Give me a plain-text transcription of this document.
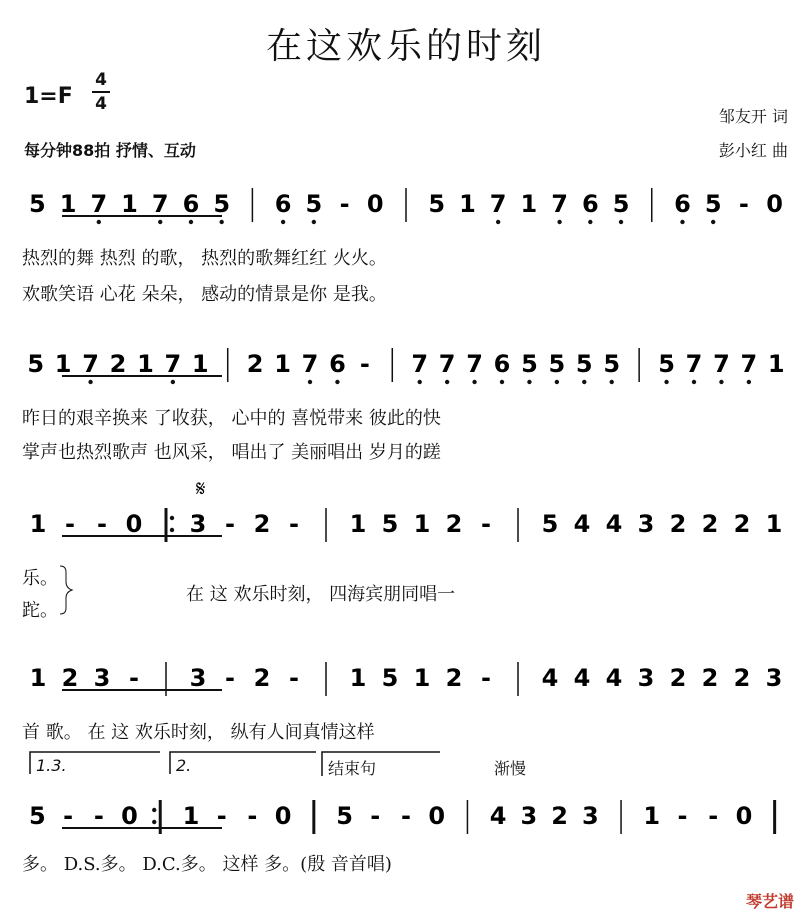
在这欢乐的时刻
1=F
4
4
邹友开 词
彭小红 曲
每分钟88拍 抒情、互动
5 1 7 1 7 6 5 6 5 - 0 5 1 7 1 7 6 5 6 5 - 0
5 1 7 2 1 7 1 2 1 7 6 - 7 7 7 6 5 5 5 5 5 7 7 7 1
1 - - 0 3 - 2 - 1 5 1 2 - 5 4 4 3 2 2 2 1
1 2 3 - 3 - 2 - 1 5 1 2 - 4 4 4 3 2 2 2 3
5 - - 0 1 - - 0 5 - - 0 4 3 2 3 1 - - 0
𝄋
热烈的舞 热烈 的歌， 热烈的歌舞红红 火火。
欢歌笑语 心花 朵朵， 感动的情景是你 是我。
昨日的艰辛换来 了收获， 心中的 喜悦带来 彼此的快
掌声也热烈歌声 也风采， 唱出了 美丽唱出 岁月的蹉
乐。
跎。
在 这 欢乐时刻， 四海宾朋同唱一
首 歌。 在 这 欢乐时刻， 纵有人间真情这样
多。 D.S.多。 D.C.多。 这样 多。(殷 音首唱)
1.3.	2.	结束句	渐慢
琴艺谱
